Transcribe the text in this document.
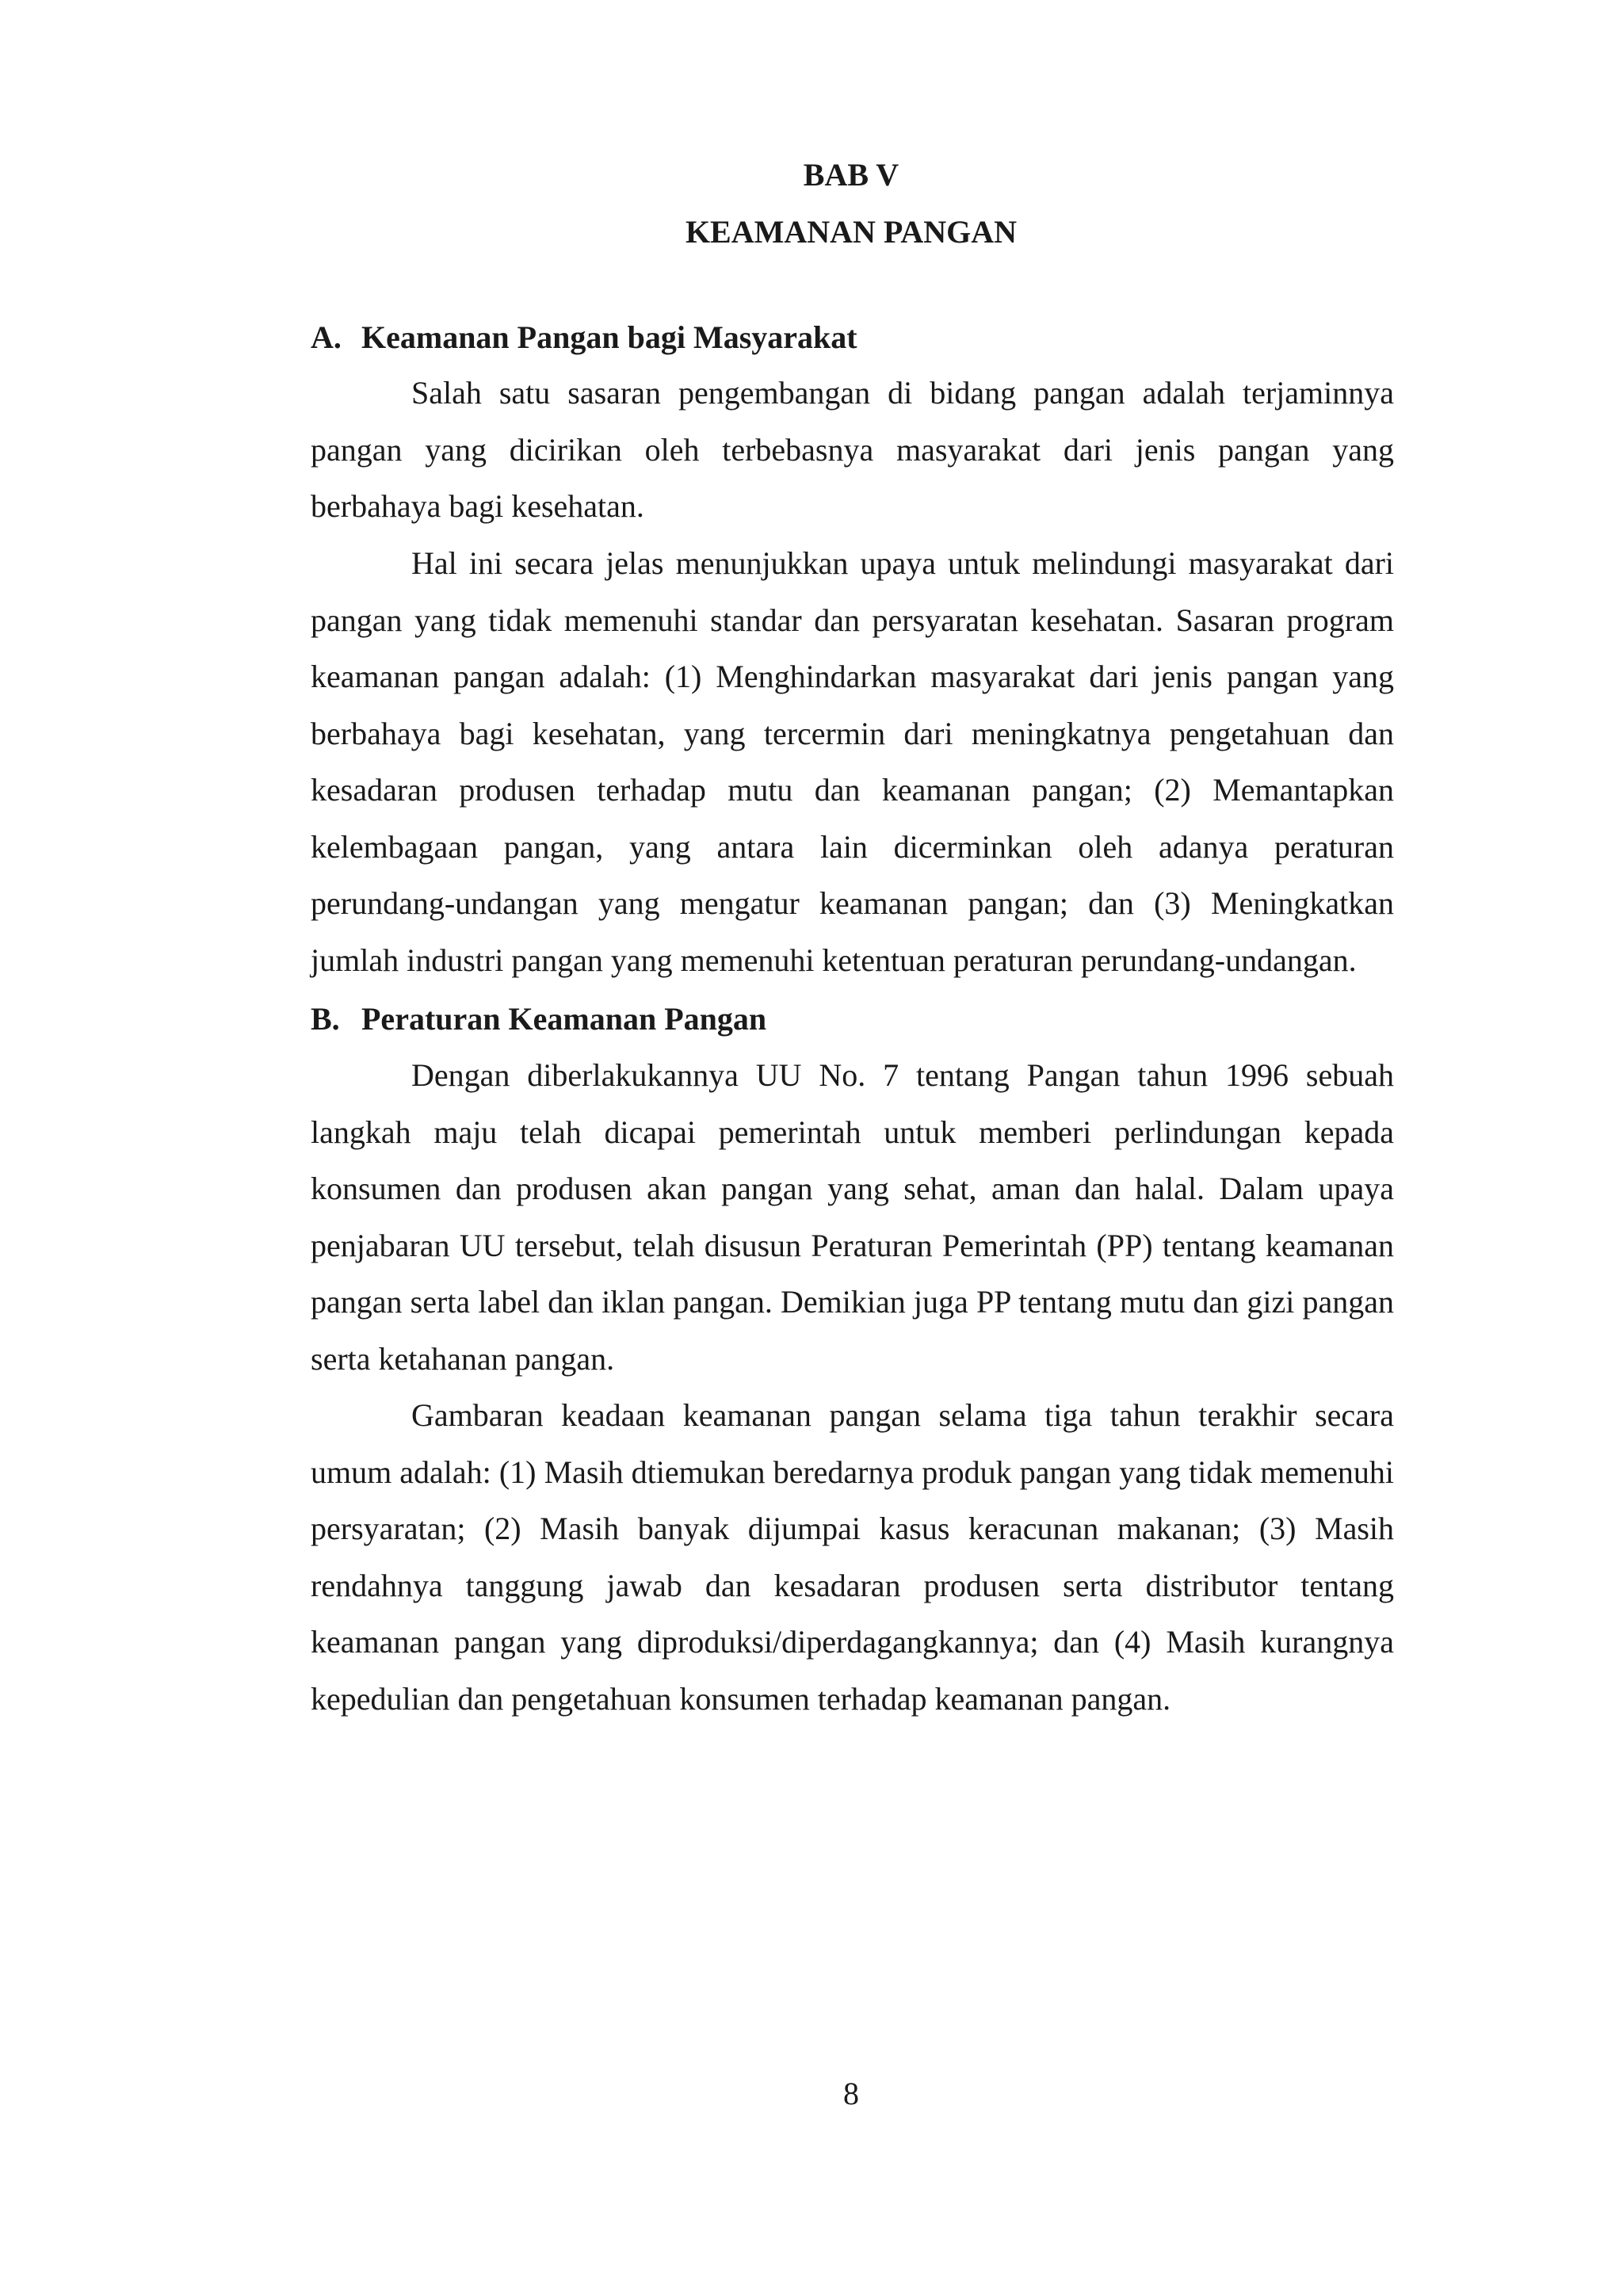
BAB V
KEAMANAN PANGAN
A. Keamanan Pangan bagi Masyarakat

Salah satu sasaran pengembangan di bidang pangan adalah terjaminnya pangan yang dicirikan oleh terbebasnya masyarakat dari jenis pangan yang berbahaya bagi kesehatan.

Hal ini secara jelas menunjukkan upaya untuk melindungi masyarakat dari pangan yang tidak memenuhi standar dan persyaratan kesehatan. Sasaran program keamanan pangan adalah: (1) Menghindarkan masyarakat dari jenis pangan yang berbahaya bagi kesehatan, yang tercermin dari meningkatnya pengetahuan dan kesadaran produsen terhadap mutu dan keamanan pangan; (2) Memantapkan kelembagaan pangan, yang antara lain dicerminkan oleh adanya peraturan perundang-undangan yang mengatur keamanan pangan; dan (3) Meningkatkan jumlah industri pangan yang memenuhi ketentuan peraturan perundang-undangan.

B. Peraturan Keamanan Pangan

Dengan diberlakukannya UU No. 7 tentang Pangan tahun 1996 sebuah langkah maju telah dicapai pemerintah untuk memberi perlindungan kepada konsumen dan produsen akan pangan yang sehat, aman dan halal. Dalam upaya penjabaran UU tersebut, telah disusun Peraturan Pemerintah (PP) tentang keamanan pangan serta label dan iklan pangan. Demikian juga PP tentang mutu dan gizi pangan serta ketahanan pangan.

Gambaran keadaan keamanan pangan selama tiga tahun terakhir secara umum adalah: (1) Masih dtiemukan beredarnya produk pangan yang tidak memenuhi persyaratan; (2) Masih banyak dijumpai kasus keracunan makanan; (3) Masih rendahnya tanggung jawab dan kesadaran produsen serta distributor tentang keamanan pangan yang diproduksi/diperdagangkannya; dan (4) Masih kurangnya kepedulian dan pengetahuan konsumen terhadap keamanan pangan.

8
